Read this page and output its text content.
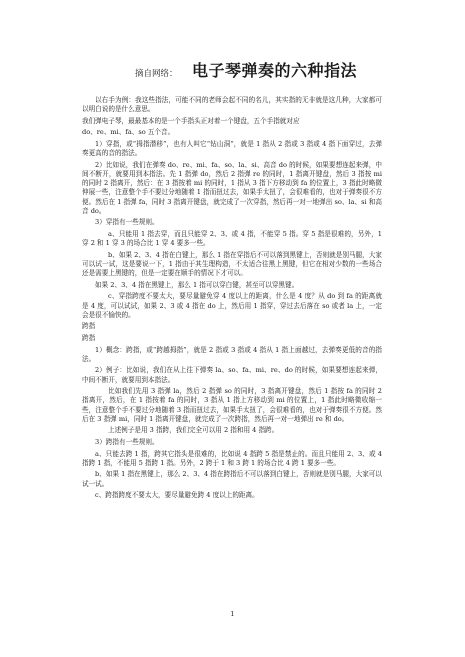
摘自网络： 电子琴弹奏的六种指法

以右手为例：我这些指法，可能不同的老师会起不同的名儿，其实指的无非就是这几种，大家都可以明白说的是什么意思。

我们弹电子琴，最最基本的是一个手指头正对着一个键盘，五个手指就对应

do、re、mi、fa、so 五个音。

1）穿指，或“拇指潜移”，也有人叫它“钻山洞”，就是 1 指从 2 指或 3 指或 4 指下面穿过，去弹奏更高的音的指法。

2）比如说，我们在弹奏 do、re、mi、fa、so、la、si、高音 do 的时候，如果要想连起来弹，中间不断开，就要用到本指法。先 1 指弹 do，然后 2 指弹 re 的同时，1 指离开键盘，然后 3 指按 mi 的同时 2 指离开，然后：在 3 指按着 mi 的同时，1 指从 3 指下方移动到 fa 的位置上，3 指此时略微伸展一些，注意整个手不要过分地随着 1 指而扭过去，如果手太扭了，会很难看的，也对于弹奏很不方便。然后在 1 指弹 fa，同时 3 指离开键盘，就完成了一次穿指，然后再一对一地弹出 so、la、si 和高音 do。

3）穿指有一些规则。

a、只能用 1 指去穿，而且只能穿 2、3、或 4 指，不能穿 5 指。穿 5 指是很难的，另外，1 穿 2 和 1 穿 3 的场合比 1 穿 4 要多一些。

b、如果 2、3、4 指在白键上，那么 1 指在穿指后不可以落到黑键上，否则就是别马腿，大家可以试一试，这是要说一下，1 指由于其生理构造，不太适合往黑上黑键，但它在相对少数的一些场合还是需要上黑键的，但是一定要在顺手的情况下才可以。

如果 2、3、4 指在黑键上，那么 1 指可以穿白键，甚至可以穿黑键。

c、穿指跨度不要太大，要尽量避免穿 4 度以上的距离，什么是 4 度？从 do 到 fa 的距离就是 4 度，可以试试，如果 2、3 或 4 指在 do 上，然后用 1 指穿，穿过去后落在 so 或者 la 上，一定会是很不愉快的。

跨指

跨指

1）概念：跨指，或“跨越拇指”，就是 2 指或 3 指或 4 指从 1 指上面越过，去弹奏更低的音的指法。

2）例子：比如说，我们在从上往下弹奏 la、so、fa、mi、re、do 的时候，如果要想连起来弹，中间不断开，就要用到本指法。

比如我们先用 3 指弹 la，然后 2 指弹 so 的同时，3 指离开键盘，然后 1 指按 fa 的同时 2 指离开，然后，在 1 指按着 fa 的同时，3 指从 1 指上方移动到 mi 的位置上，1 指此时略微收缩一些，注意整个手不要过分地随着 3 指而扭过去，如果手太扭了，会很难看的，也对于弹奏很不方便。然后在 3 指弹 mi，同时 1 指离开键盘，就完成了一次跨指，然后再一对一地弹出 re 和 do。

上述例子是用 3 指跨，我们完全可以用 2 指和用 4 指跨。

3）跨指有一些规则。

a、只能去跨 1 指，跨其它指头是很难的，比如说 4 指跨 5 指是禁止的。而且只能用 2、3、或 4 指跨 1 指，不能用 5 指跨 1 指。另外，2 跨于 1 和 3 跨 1 的场合比 4 跨 1 要多一些。

b、如果 1 指在黑键上，那么 2、3、4 指在跨指后不可以落到白键上，否则就是别马腿，大家可以试一试。

c、跨指跨度不要太大，要尽量避免跨 4 度以上的距离。

1
